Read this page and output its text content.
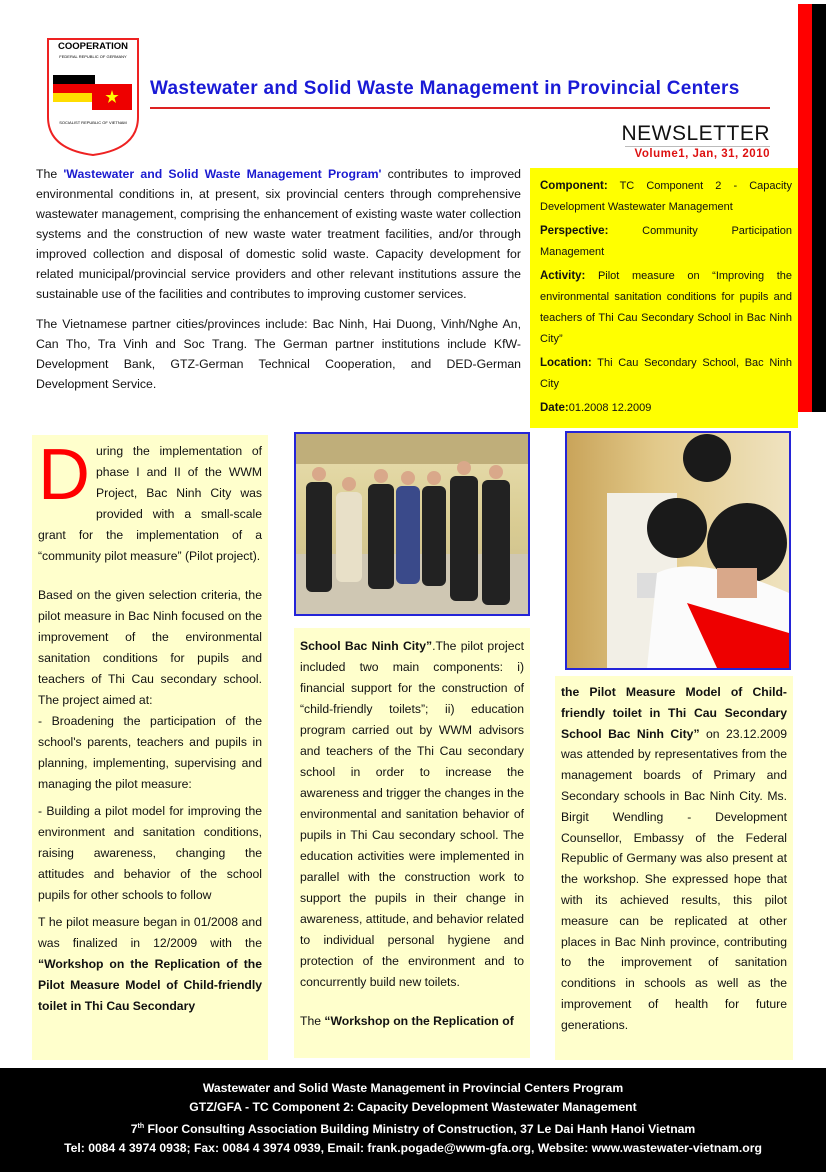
COOPERATION
FEDERAL REPUBLIC OF GERMANY
SOCIALIST REPUBLIC OF VIETNAM
Wastewater and Solid Waste Management in Provincial Centers
NEWSLETTER
Volume1, Jan, 31, 2010

The 'Wastewater and Solid Waste Management Program' contributes to improved environmental conditions in, at present, six provincial centers through comprehensive wastewater management, comprising the enhancement of existing waste water collection systems and the construction of new waste water treatment facilities, and/or through improved collection and disposal of domestic solid waste. Capacity development for related municipal/provincial service providers and other relevant institutions assure the sustainable use of the facilities and contributes to improving customer services.

The Vietnamese partner cities/provinces include: Bac Ninh, Hai Duong, Vinh/Nghe An, Can Tho, Tra Vinh and Soc Trang. The German partner institutions include KfW-Development Bank, GTZ-German Technical Cooperation, and DED-German Development Service.

Component: TC Component 2 - Capacity Development Wastewater Management

Perspective: Community Participation Management

Activity: Pilot measure on “Improving the environmental sanitation conditions for pupils and teachers of Thi Cau Secondary School in Bac Ninh City”

Location: Thi Cau Secondary School, Bac Ninh City

Date:01.2008 12.2009

During the implementation of phase I and II of the WWM Project, Bac Ninh City was provided with a small-scale grant for the implementation of a “community pilot measure” (Pilot project).

Based on the given selection criteria, the pilot measure in Bac Ninh focused on the improvement of the environmental sanitation conditions for pupils and teachers of Thi Cau secondary school. The project aimed at:

- Broadening the participation of the school's parents, teachers and pupils in planning, implementing, supervising and managing the pilot measure:

- Building a pilot model for improving the environment and sanitation conditions, raising awareness, changing the attitudes and behavior of the school pupils for other schools to follow

T he pilot measure began in 01/2008 and was finalized in 12/2009 with the “Workshop on the Replication of the Pilot Measure Model of Child-friendly toilet in Thi Cau Secondary

School Bac Ninh City”.The pilot project included two main components: i) financial support for the construction of “child-friendly toilets”; ii) education program carried out by WWM advisors and teachers of the Thi Cau secondary school in order to increase the awareness and trigger the changes in the environmental and sanitation behavior of pupils in Thi Cau secondary school. The education activities were implemented in parallel with the construction work to support the pupils in their change in awareness, attitude, and behavior related to individual personal hygiene and protection of the environment and to concurrently build new toilets.

The “Workshop on the Replication of

the Pilot Measure Model of Child-friendly toilet in Thi Cau Secondary School Bac Ninh City” on 23.12.2009 was attended by representatives from the management boards of Primary and Secondary schools in Bac Ninh City. Ms. Birgit Wendling - Development Counsellor, Embassy of the Federal Republic of Germany was also present at the workshop. She expressed hope that with its achieved results, this pilot measure can be replicated at other places in Bac Ninh province, contributing to the improvement of sanitation conditions in schools as well as the improvement of health for future generations.

Wastewater and Solid Waste Management in Provincial Centers Program
GTZ/GFA - TC Component 2: Capacity Development Wastewater Management
7th Floor Consulting Association Building Ministry of Construction, 37 Le Dai Hanh Hanoi Vietnam
Tel: 0084 4 3974 0938; Fax: 0084 4 3974 0939, Email: frank.pogade@wwm-gfa.org, Website: www.wastewater-vietnam.org
